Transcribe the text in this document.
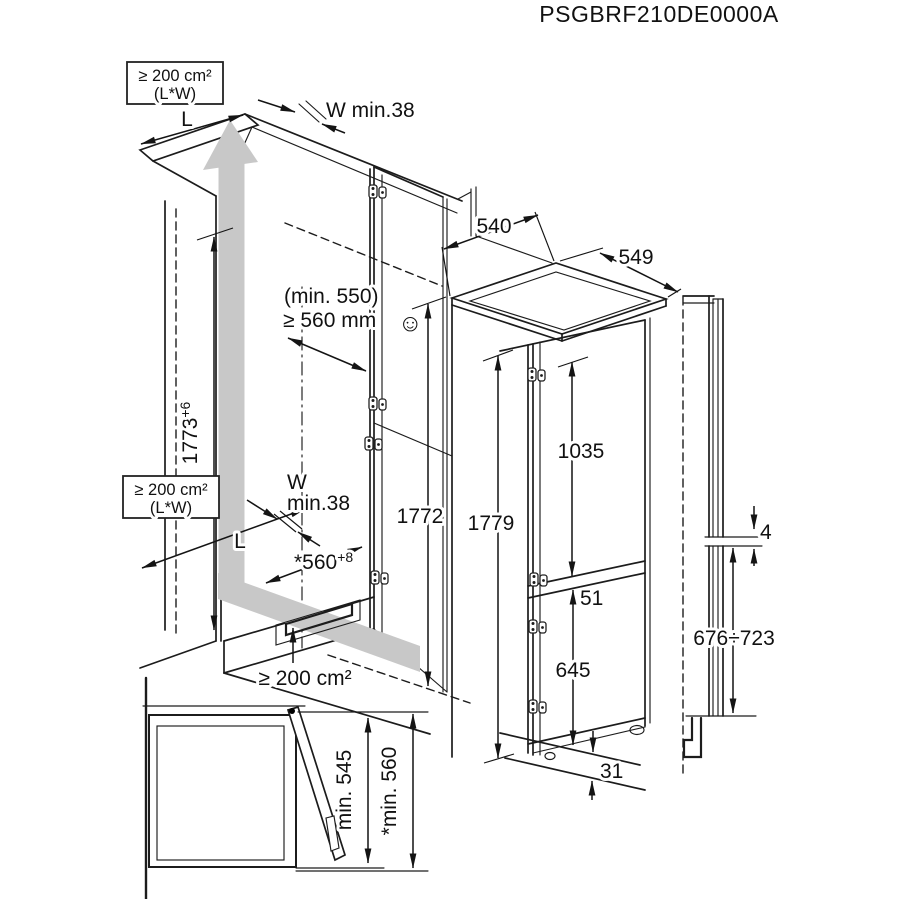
PSGBRF210DE0000A
≥ 200 cm²
(L*W)
L	W min.38
540
549
(min. 550)
≥ 560 mm ☺
$1773^{+6}$
≥ 200 cm²
(L*W)
W
min.38
L
$*560^{+8}$
1772 1779
1035
51
645
31
4
676÷723
≥ 200 cm²
min. 545 *min. 560
